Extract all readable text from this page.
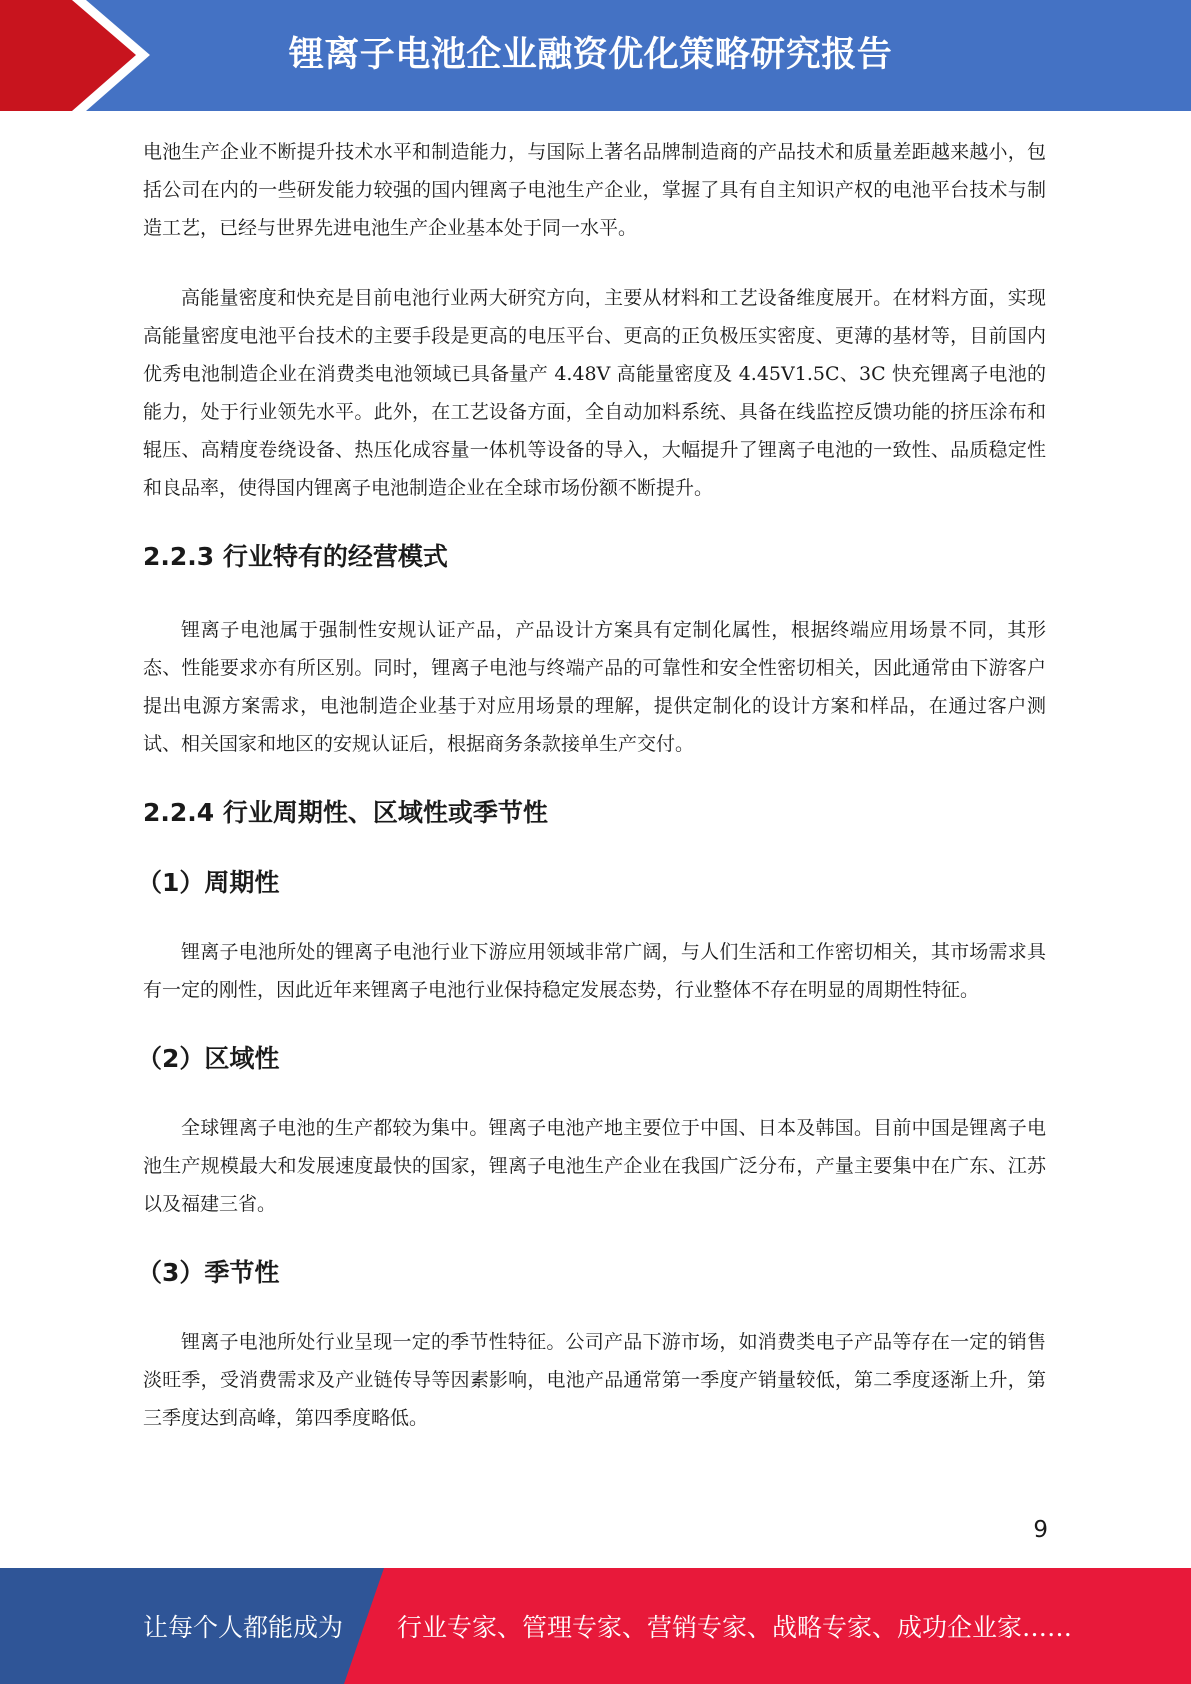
锂离子电池企业融资优化策略研究报告

电池生产企业不断提升技术水平和制造能力，与国际上著名品牌制造商的产品技术和质量差距越来越小，包括公司在内的一些研发能力较强的国内锂离子电池生产企业，掌握了具有自主知识产权的电池平台技术与制造工艺，已经与世界先进电池生产企业基本处于同一水平。

高能量密度和快充是目前电池行业两大研究方向，主要从材料和工艺设备维度展开。在材料方面，实现高能量密度电池平台技术的主要手段是更高的电压平台、更高的正负极压实密度、更薄的基材等，目前国内优秀电池制造企业在消费类电池领域已具备量产 4.48V 高能量密度及 4.45V1.5C、3C 快充锂离子电池的能力，处于行业领先水平。此外，在工艺设备方面，全自动加料系统、具备在线监控反馈功能的挤压涂布和辊压、高精度卷绕设备、热压化成容量一体机等设备的导入，大幅提升了锂离子电池的一致性、品质稳定性和良品率，使得国内锂离子电池制造企业在全球市场份额不断提升。

2.2.3 行业特有的经营模式

锂离子电池属于强制性安规认证产品，产品设计方案具有定制化属性，根据终端应用场景不同，其形态、性能要求亦有所区别。同时，锂离子电池与终端产品的可靠性和安全性密切相关，因此通常由下游客户提出电源方案需求，电池制造企业基于对应用场景的理解，提供定制化的设计方案和样品，在通过客户测试、相关国家和地区的安规认证后，根据商务条款接单生产交付。

2.2.4 行业周期性、区域性或季节性
（1）周期性

锂离子电池所处的锂离子电池行业下游应用领域非常广阔，与人们生活和工作密切相关，其市场需求具有一定的刚性，因此近年来锂离子电池行业保持稳定发展态势，行业整体不存在明显的周期性特征。

（2）区域性

全球锂离子电池的生产都较为集中。锂离子电池产地主要位于中国、日本及韩国。目前中国是锂离子电池生产规模最大和发展速度最快的国家，锂离子电池生产企业在我国广泛分布，产量主要集中在广东、江苏以及福建三省。

（3）季节性

锂离子电池所处行业呈现一定的季节性特征。公司产品下游市场，如消费类电子产品等存在一定的销售淡旺季，受消费需求及产业链传导等因素影响，电池产品通常第一季度产销量较低，第二季度逐渐上升，第三季度达到高峰，第四季度略低。

9
让每个人都能成为 行业专家、管理专家、营销专家、战略专家、成功企业家……
